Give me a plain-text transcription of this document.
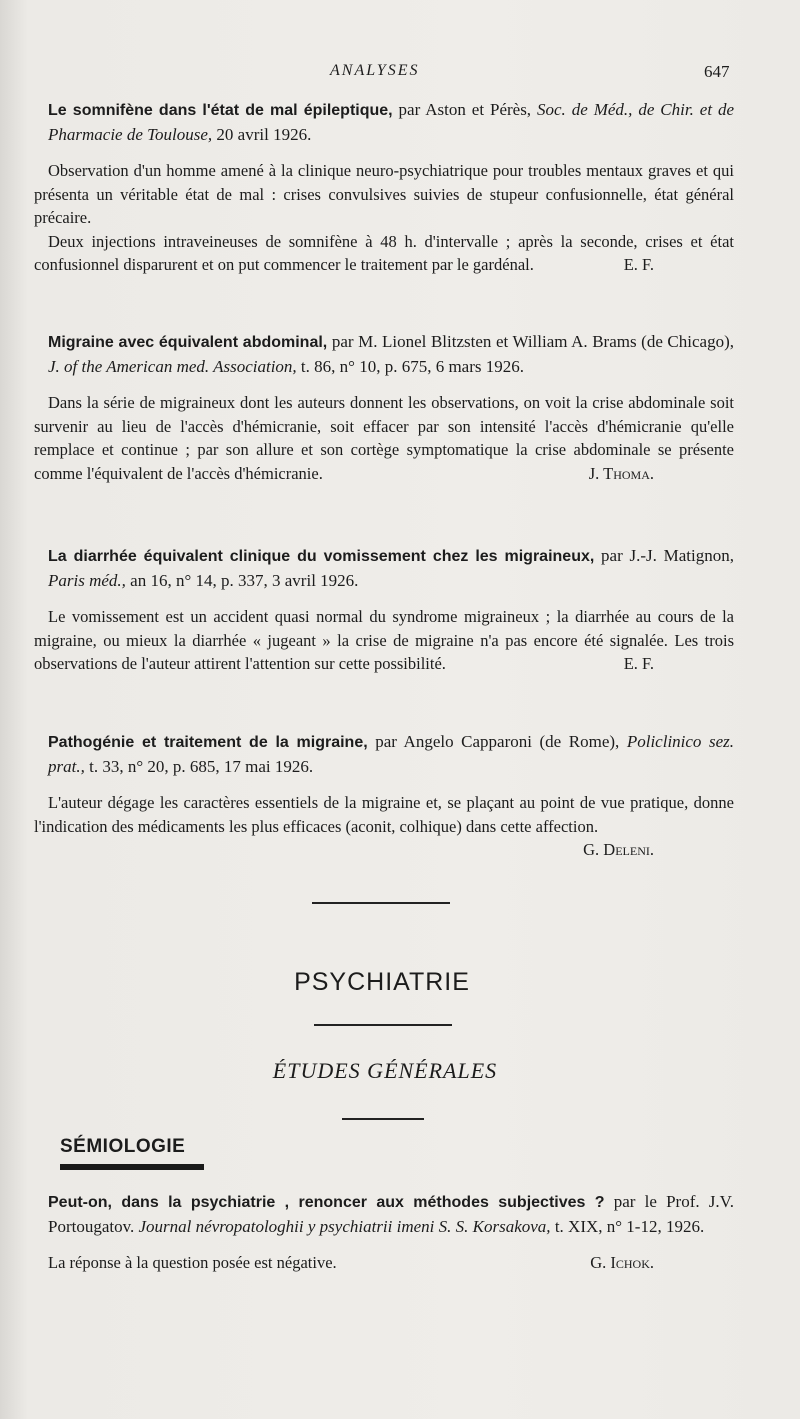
ANALYSES	647
Le somnifène dans l'état de mal épileptique, par Aston et Pérès, Soc. de Méd., de Chir. et de Pharmacie de Toulouse, 20 avril 1926.
Observation d'un homme amené à la clinique neuro-psychiatrique pour troubles mentaux graves et qui présenta un véritable état de mal : crises convulsives suivies de stupeur confusionnelle, état général précaire.
Deux injections intraveineuses de somnifène à 48 h. d'intervalle ; après la seconde, crises et état confusionnel disparurent et on put commencer le traitement par le gardénal.	E. F.
Migraine avec équivalent abdominal, par M. Lionel Blitzsten et William A. Brams (de Chicago), J. of the American med. Association, t. 86, n° 10, p. 675, 6 mars 1926.
Dans la série de migraineux dont les auteurs donnent les observations, on voit la crise abdominale soit survenir au lieu de l'accès d'hémicranie, soit effacer par son intensité l'accès d'hémicranie qu'elle remplace et continue ; par son allure et son cortège symptomatique la crise abdominale se présente comme l'équivalent de l'accès d'hémicranie.	J. Thoma.
La diarrhée équivalent clinique du vomissement chez les migraineux, par J.-J. Matignon, Paris méd., an 16, n° 14, p. 337, 3 avril 1926.
Le vomissement est un accident quasi normal du syndrome migraineux ; la diarrhée au cours de la migraine, ou mieux la diarrhée « jugeant » la crise de migraine n'a pas encore été signalée. Les trois observations de l'auteur attirent l'attention sur cette possibilité.	E. F.
Pathogénie et traitement de la migraine, par Angelo Capparoni (de Rome), Policlinico sez. prat., t. 33, n° 20, p. 685, 17 mai 1926.
L'auteur dégage les caractères essentiels de la migraine et, se plaçant au point de vue pratique, donne l'indication des médicaments les plus efficaces (aconit, colhique) dans cette affection.
G. Deleni.
PSYCHIATRIE
ÉTUDES GÉNÉRALES
SÉMIOLOGIE
Peut-on, dans la psychiatrie , renoncer aux méthodes subjectives ? par le Prof. J.V. Portougatov. Journal névropatologhii y psychiatrii imeni S. S. Korsakova, t. XIX, n° 1-12, 1926.
La réponse à la question posée est négative.	G. Ichok.
